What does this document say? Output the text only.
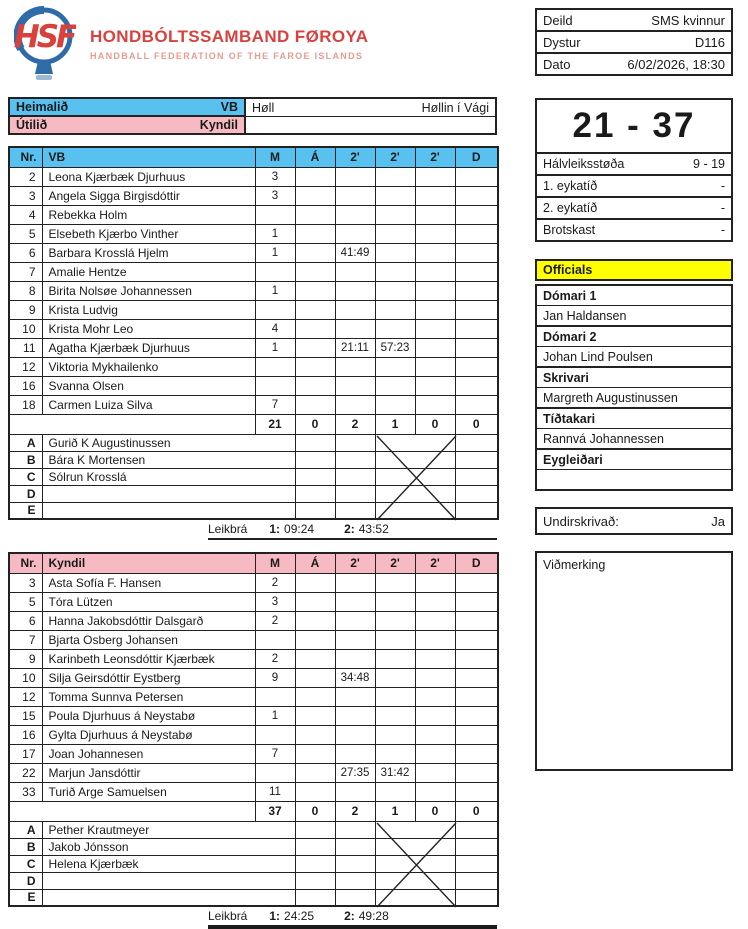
HSF HONDBÓLTSSAMBAND FØROYA
HANDBALL FEDERATION OF THE FAROE ISLANDS
Heimalið	VB
Útilið	Kyndil
Høll	Høllin í Vági
Nr.	VB	M	Á	2'	2'	2'	D
2	Leona Kjærbæk Djurhuus	3					
3	Angela Sigga Birgisdóttir	3					
4	Rebekka Holm						
5	Elsebeth Kjærbo Vinther	1					
6	Barbara Krosslá Hjelm	1		41:49			
7	Amalie Hentze						
8	Birita Nolsøe Johannessen	1					
9	Krista Ludvig						
10	Krista Mohr Leo	4					
11	Agatha Kjærbæk Djurhuus	1		21:11	57:23		
12	Viktoria Mykhailenko						
16	Svanna Olsen						
18	Carmen Luiza Silva	7					
		21	0	2	1	0	0
A	Gurið K Augustinussen						
B	Bára K Mortensen						
C	Sólrun Krosslá						
D							
E							
Leikbrá 1: 09:24	2: 43:52
Nr.	Kyndil	M	Á	2'	2'	2'	D
3	Asta Sofía F. Hansen	2					
5	Tóra Lützen	3					
6	Hanna Jakobsdóttir Dalsgarð	2					
7	Bjarta Osberg Johansen						
9	Karinbeth Leonsdóttir Kjærbæk	2					
10	Silja Geirsdóttir Eystberg	9		34:48			
12	Tomma Sunnva Petersen						
15	Poula Djurhuus á Neystabø	1					
16	Gylta Djurhuus á Neystabø						
17	Joan Johannesen	7					
22	Marjun Jansdóttir			27:35	31:42		
33	Turið Arge Samuelsen	11					
		37	0	2	1	0	0
A	Pether Krautmeyer						
B	Jakob Jónsson						
C	Helena Kjærbæk						
D							
E							
Leikbrá 1: 24:25	2: 49:28
Deild	SMS kvinnur
Dystur	D116
Dato	6/02/2026, 18:30
21 - 37
Hálvleiksstøða	9 - 19
1. eykatíð	-
2. eykatíð	-
Brotskast	-
Officials
Dómari 1
Jan Haldansen
Dómari 2
Johan Lind Poulsen
Skrivari
Margreth Augustinussen
Tíðtakari
Rannvá Johannessen
Eygleiðari
Undirskrivað:	Ja
Viðmerking
